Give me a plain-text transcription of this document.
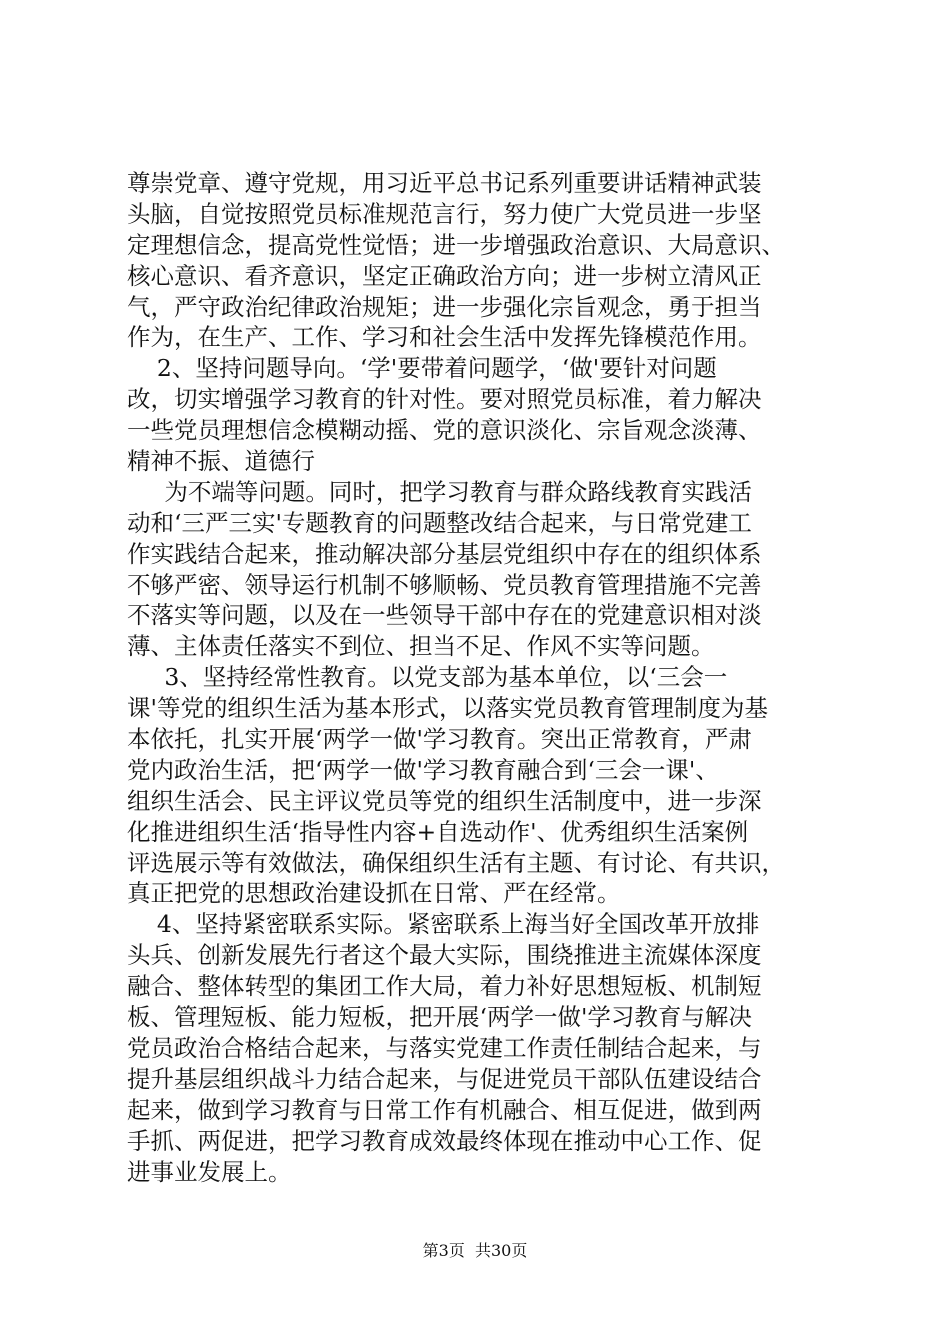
尊崇党章、遵守党规，用习近平总书记系列重要讲话精神武装
头脑，自觉按照党员标准规范言行，努力使广大党员进一步坚
定理想信念，提高党性觉悟；进一步增强政治意识、大局意识、
核心意识、看齐意识，坚定正确政治方向；进一步树立清风正
气，严守政治纪律政治规矩；进一步强化宗旨观念，勇于担当
作为，在生产、工作、学习和社会生活中发挥先锋模范作用。
2、坚持问题导向。‘学'要带着问题学，‘做'要针对问题
改，切实增强学习教育的针对性。要对照党员标准，着力解决
一些党员理想信念模糊动摇、党的意识淡化、宗旨观念淡薄、
精神不振、道德行
为不端等问题。同时，把学习教育与群众路线教育实践活
动和‘三严三实'专题教育的问题整改结合起来，与日常党建工
作实践结合起来，推动解决部分基层党组织中存在的组织体系
不够严密、领导运行机制不够顺畅、党员教育管理措施不完善
不落实等问题，以及在一些领导干部中存在的党建意识相对淡
薄、主体责任落实不到位、担当不足、作风不实等问题。
3、坚持经常性教育。以党支部为基本单位，以‘三会一
课'等党的组织生活为基本形式，以落实党员教育管理制度为基
本依托，扎实开展‘两学一做'学习教育。突出正常教育，严肃
党内政治生活，把‘两学一做'学习教育融合到‘三会一课'、
组织生活会、民主评议党员等党的组织生活制度中，进一步深
化推进组织生活‘指导性内容+自选动作'、优秀组织生活案例
评选展示等有效做法，确保组织生活有主题、有讨论、有共识，
真正把党的思想政治建设抓在日常、严在经常。
4、坚持紧密联系实际。紧密联系上海当好全国改革开放排
头兵、创新发展先行者这个最大实际，围绕推进主流媒体深度
融合、整体转型的集团工作大局，着力补好思想短板、机制短
板、管理短板、能力短板，把开展‘两学一做'学习教育与解决
党员政治合格结合起来，与落实党建工作责任制结合起来，与
提升基层组织战斗力结合起来，与促进党员干部队伍建设结合
起来，做到学习教育与日常工作有机融合、相互促进，做到两
手抓、两促进，把学习教育成效最终体现在推动中心工作、促
进事业发展上。
第3页  共30页
